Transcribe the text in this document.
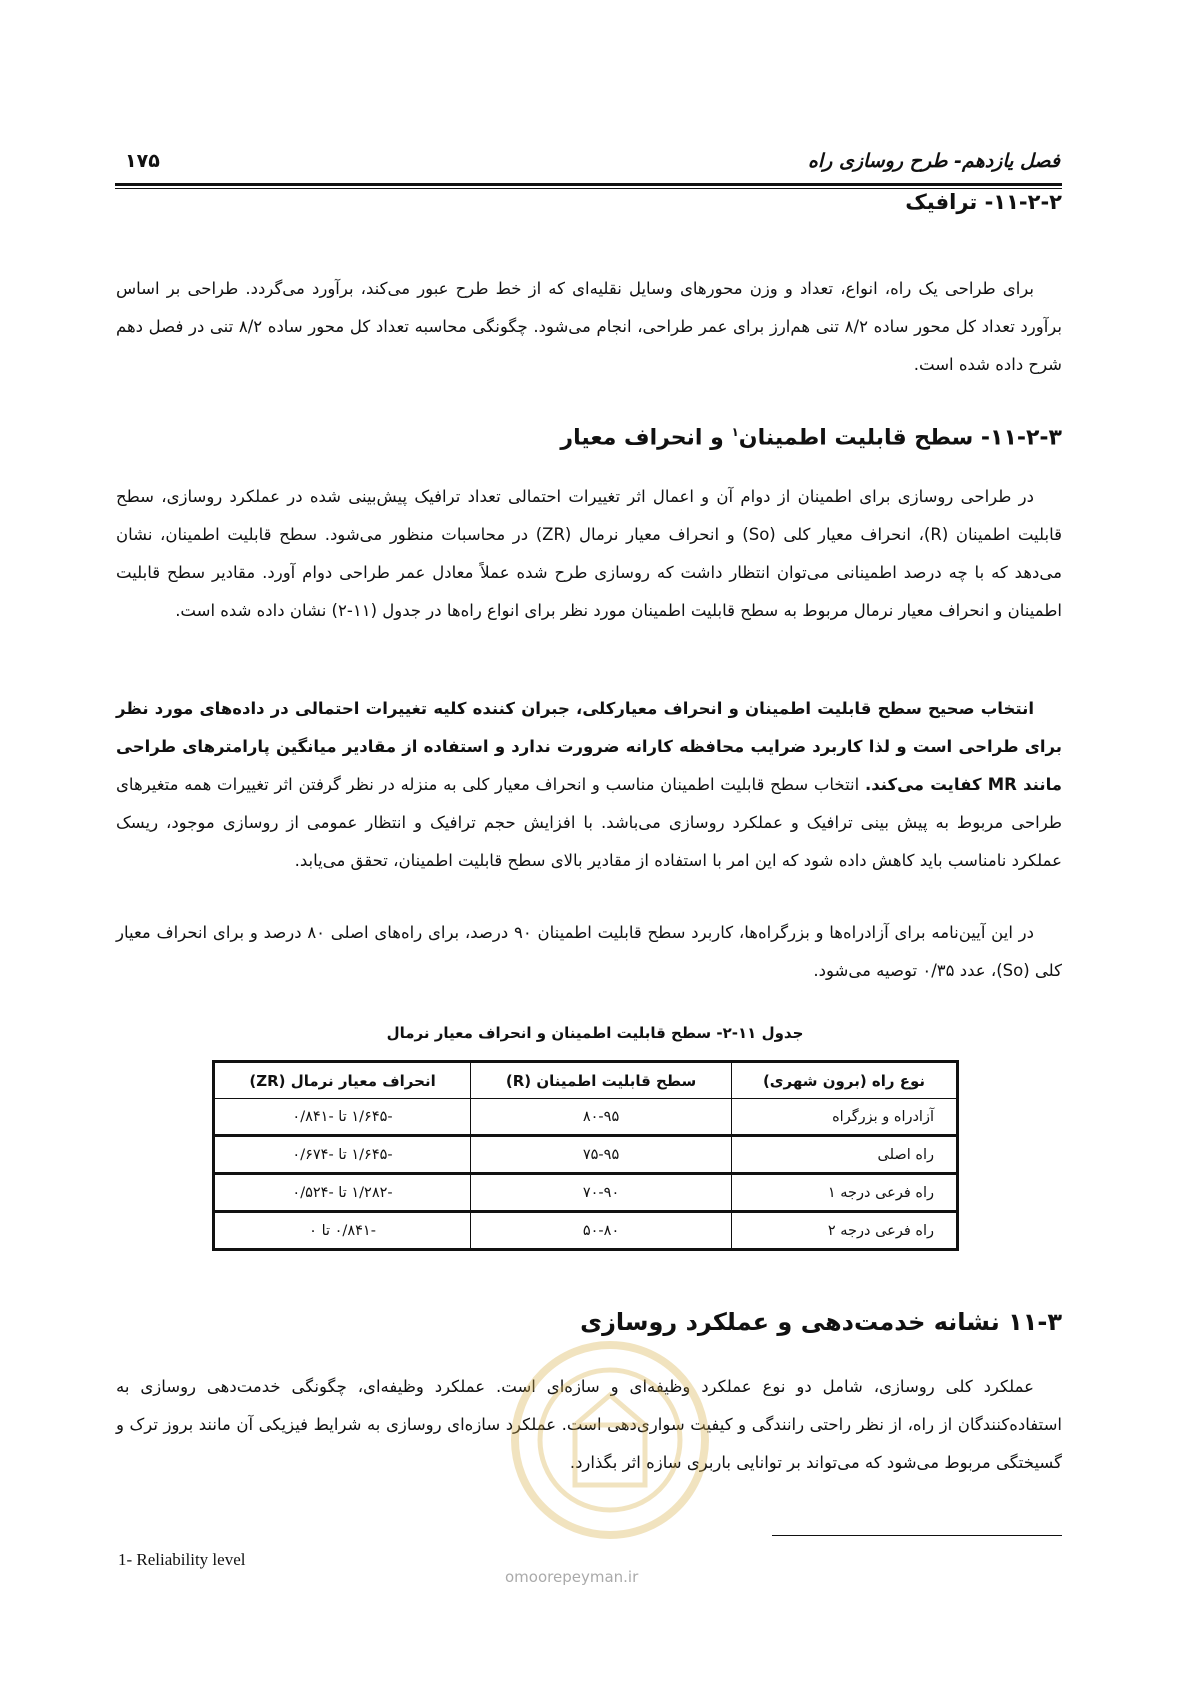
فصل یازدهم- طرح روسازی راه
۱۷۵
۱۱-۲-۲- ترافیک
برای طراحی یک راه، انواع، تعداد و وزن محورهای وسایل نقلیه‌ای که از خط طرح عبور می‌کند، برآورد می‌گردد. طراحی بر اساس برآورد تعداد کل محور ساده ۸/۲ تنی هم‌ارز برای عمر طراحی، انجام می‌شود. چگونگی محاسبه تعداد کل محور ساده ۸/۲ تنی در فصل دهم شرح داده شده است.
۱۱-۲-۳- سطح قابلیت اطمینان$^۱$ و انحراف معیار
در طراحی روسازی برای اطمینان از دوام آن و اعمال اثر تغییرات احتمالی تعداد ترافیک پیش‌بینی شده در عملکرد روسازی، سطح قابلیت اطمینان (R)، انحراف معیار کلی (So) و انحراف معیار نرمال (ZR) در محاسبات منظور می‌شود. سطح قابلیت اطمینان، نشان می‌دهد که با چه درصد اطمینانی می‌توان انتظار داشت که روسازی طرح شده عملاً معادل عمر طراحی دوام آورد. مقادیر سطح قابلیت اطمینان و انحراف معیار نرمال مربوط به سطح قابلیت اطمینان مورد نظر برای انواع راه‌ها در جدول (۱۱-۲) نشان داده شده است.
انتخاب صحیح سطح قابلیت اطمینان و انحراف معیارکلی، جبران کننده کلیه تغییرات احتمالی در داده‌های مورد نظر برای طراحی است و لذا کاربرد ضرایب محافظه کارانه ضرورت ندارد و استفاده از مقادیر میانگین پارامترهای طراحی مانند MR کفایت می‌کند. انتخاب سطح قابلیت اطمینان مناسب و انحراف معیار کلی به منزله در نظر گرفتن اثر تغییرات همه متغیرهای طراحی مربوط به پیش بینی ترافیک و عملکرد روسازی می‌باشد. با افزایش حجم ترافیک و انتظار عمومی از روسازی موجود، ریسک عملکرد نامناسب باید کاهش داده شود که این امر با استفاده از مقادیر بالای سطح قابلیت اطمینان، تحقق می‌یابد.
در این آیین‌نامه برای آزادراه‌ها و بزرگراه‌ها، کاربرد سطح قابلیت اطمینان ۹۰ درصد، برای راه‌های اصلی ۸۰ درصد و برای انحراف معیار کلی (So)، عدد ۰/۳۵ توصیه می‌شود.
جدول ۱۱-۲- سطح قابلیت اطمینان و انحراف معیار نرمال
نوع راه (برون شهری)	سطح قابلیت اطمینان (R)	انحراف معیار نرمال (ZR)
آزادراه و بزرگراه	۸۰-۹۵	-۱/۶۴۵ تا -۰/۸۴۱
راه اصلی	۷۵-۹۵	-۱/۶۴۵ تا -۰/۶۷۴
راه فرعی درجه ۱	۷۰-۹۰	-۱/۲۸۲ تا -۰/۵۲۴
راه فرعی درجه ۲	۵۰-۸۰	-۰/۸۴۱ تا ۰
۱۱-۳ نشانه خدمت‌دهی و عملکرد روسازی
عملکرد کلی روسازی، شامل دو نوع عملکرد وظیفه‌ای و سازه‌ای است. عملکرد وظیفه‌ای، چگونگی خدمت‌دهی روسازی به استفاده‌کنندگان از راه، از نظر راحتی رانندگی و کیفیت سواری‌دهی است. عملکرد سازه‌ای روسازی به شرایط فیزیکی آن مانند بروز ترک و گسیختگی مربوط می‌شود که می‌تواند بر توانایی باربری سازه اثر بگذارد.
omoorepeyman.ir
1- Reliability level
